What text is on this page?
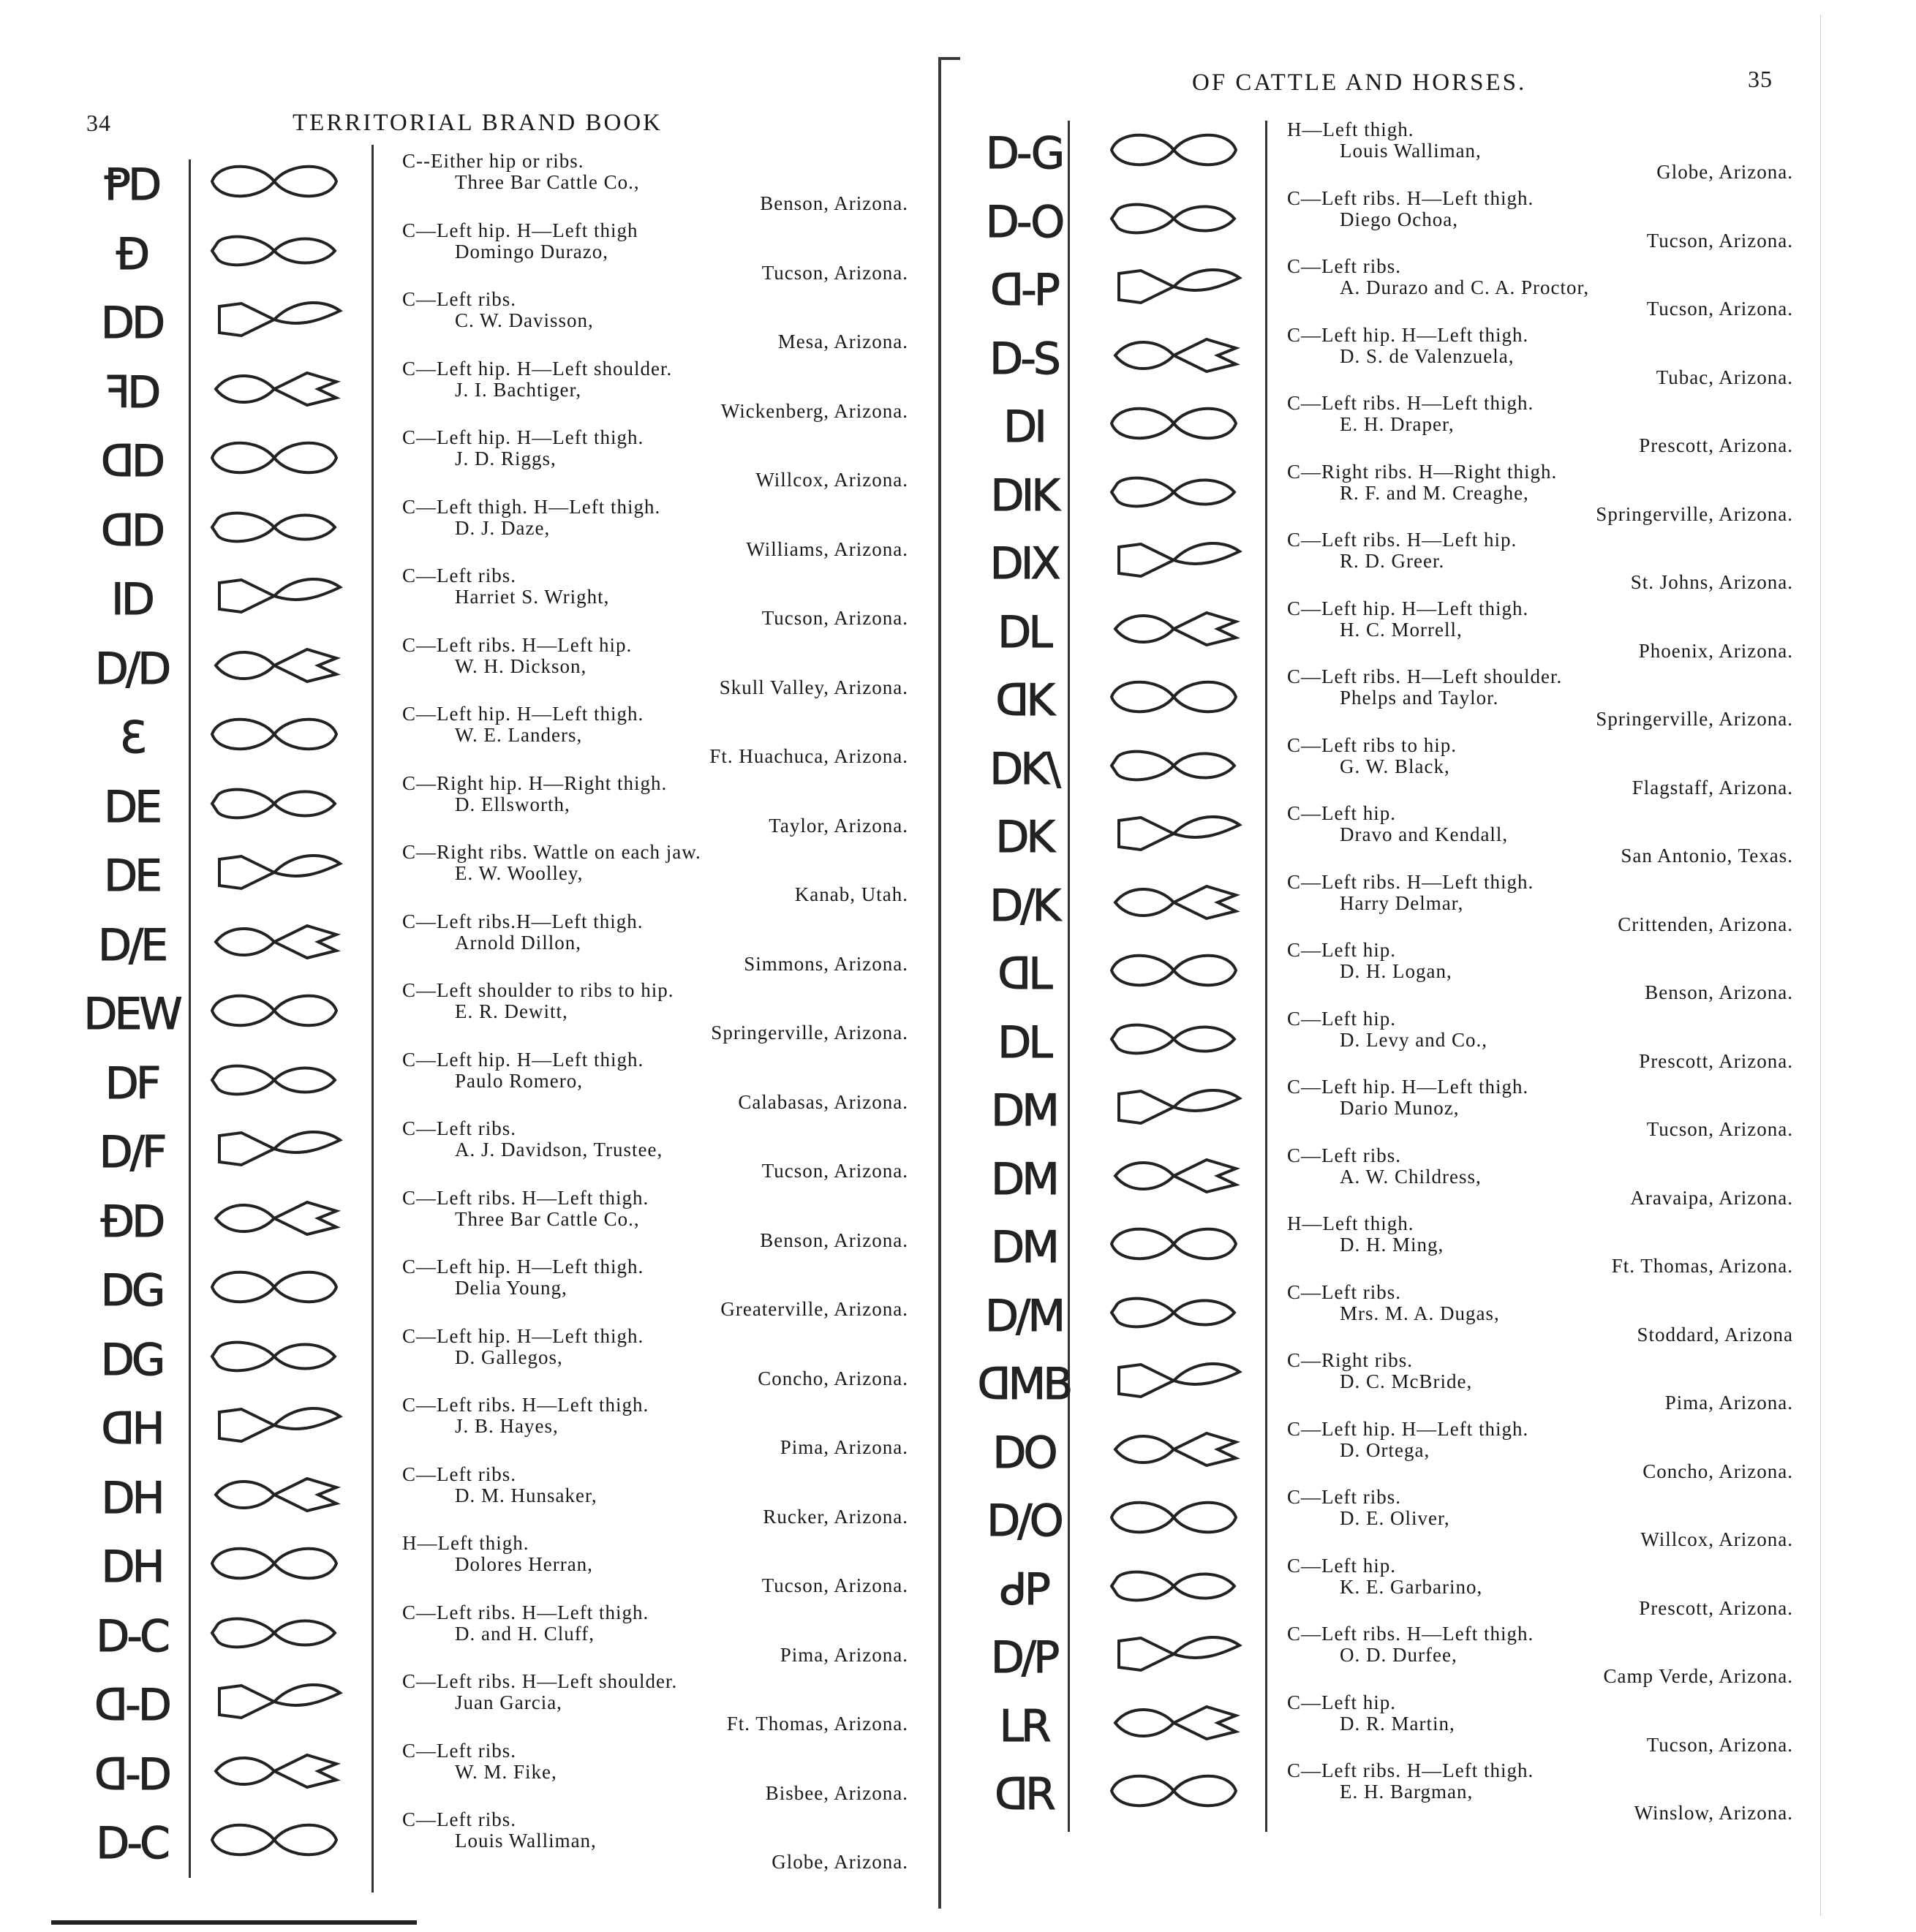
34	TERRITORIAL BRAND BOOK
ⱣD	C--Either hip or ribs.
Three Bar Cattle Co.,
Benson, Arizona.
Ɖ	C—Left hip. H—Left thigh
Domingo Durazo,
Tucson, Arizona.
DD	C—Left ribs.
C. W. Davisson,
Mesa, Arizona.
ꟻD	C—Left hip. H—Left shoulder.
J. I. Bachtiger,
Wickenberg, Arizona.
ᗡD	C—Left hip. H—Left thigh.
J. D. Riggs,
Willcox, Arizona.
ᗡD	C—Left thigh. H—Left thigh.
D. J. Daze,
Williams, Arizona.
ID	C—Left ribs.
Harriet S. Wright,
Tucson, Arizona.
D/D	C—Left ribs. H—Left hip.
W. H. Dickson,
Skull Valley, Arizona.
Ɛ	C—Left hip. H—Left thigh.
W. E. Landers,
Ft. Huachuca, Arizona.
DE	C—Right hip. H—Right thigh.
D. Ellsworth,
Taylor, Arizona.
DE	C—Right ribs. Wattle on each jaw.
E. W. Woolley,
Kanab, Utah.
D/E	C—Left ribs.H—Left thigh.
Arnold Dillon,
Simmons, Arizona.
DEW	C—Left shoulder to ribs to hip.
E. R. Dewitt,
Springerville, Arizona.
DF	C—Left hip. H—Left thigh.
Paulo Romero,
Calabasas, Arizona.
D/F	C—Left ribs.
A. J. Davidson, Trustee,
Tucson, Arizona.
ƉD	C—Left ribs. H—Left thigh.
Three Bar Cattle Co.,
Benson, Arizona.
DG	C—Left hip. H—Left thigh.
Delia Young,
Greaterville, Arizona.
DG	C—Left hip. H—Left thigh.
D. Gallegos,
Concho, Arizona.
ᗡH	C—Left ribs. H—Left thigh.
J. B. Hayes,
Pima, Arizona.
DH	C—Left ribs.
D. M. Hunsaker,
Rucker, Arizona.
DH	H—Left thigh.
Dolores Herran,
Tucson, Arizona.
D-C	C—Left ribs. H—Left thigh.
D. and H. Cluff,
Pima, Arizona.
ᗡ-D	C—Left ribs. H—Left shoulder.
Juan Garcia,
Ft. Thomas, Arizona.
ᗡ-D	C—Left ribs.
W. M. Fike,
Bisbee, Arizona.
D-C	C—Left ribs.
Louis Walliman,
Globe, Arizona.
OF CATTLE AND HORSES.	35
D-G	H—Left thigh.
Louis Walliman,
Globe, Arizona.
D-O	C—Left ribs. H—Left thigh.
Diego Ochoa,
Tucson, Arizona.
ᗡ-P	C—Left ribs.
A. Durazo and C. A. Proctor,
Tucson, Arizona.
D-S	C—Left hip. H—Left thigh.
D. S. de Valenzuela,
Tubac, Arizona.
DI	C—Left ribs. H—Left thigh.
E. H. Draper,
Prescott, Arizona.
DIK	C—Right ribs. H—Right thigh.
R. F. and M. Creaghe,
Springerville, Arizona.
DIX	C—Left ribs. H—Left hip.
R. D. Greer.
St. Johns, Arizona.
DL	C—Left hip. H—Left thigh.
H. C. Morrell,
Phoenix, Arizona.
ᗡK	C—Left ribs. H—Left shoulder.
Phelps and Taylor.
Springerville, Arizona.
DK\	C—Left ribs to hip.
G. W. Black,
Flagstaff, Arizona.
DK	C—Left hip.
Dravo and Kendall,
San Antonio, Texas.
D/K	C—Left ribs. H—Left thigh.
Harry Delmar,
Crittenden, Arizona.
ᗡL	C—Left hip.
D. H. Logan,
Benson, Arizona.
DL	C—Left hip.
D. Levy and Co.,
Prescott, Arizona.
DM	C—Left hip. H—Left thigh.
Dario Munoz,
Tucson, Arizona.
DM	C—Left ribs.
A. W. Childress,
Aravaipa, Arizona.
DM	H—Left thigh.
D. H. Ming,
Ft. Thomas, Arizona.
D/M	C—Left ribs.
Mrs. M. A. Dugas,
Stoddard, Arizona
ᗡMB	C—Right ribs.
D. C. McBride,
Pima, Arizona.
DO	C—Left hip. H—Left thigh.
D. Ortega,
Concho, Arizona.
D/O	C—Left ribs.
D. E. Oliver,
Willcox, Arizona.
ᑯP	C—Left hip.
K. E. Garbarino,
Prescott, Arizona.
D/P	C—Left ribs. H—Left thigh.
O. D. Durfee,
Camp Verde, Arizona.
ᒪR	C—Left hip.
D. R. Martin,
Tucson, Arizona.
ᗡR	C—Left ribs. H—Left thigh.
E. H. Bargman,
Winslow, Arizona.
